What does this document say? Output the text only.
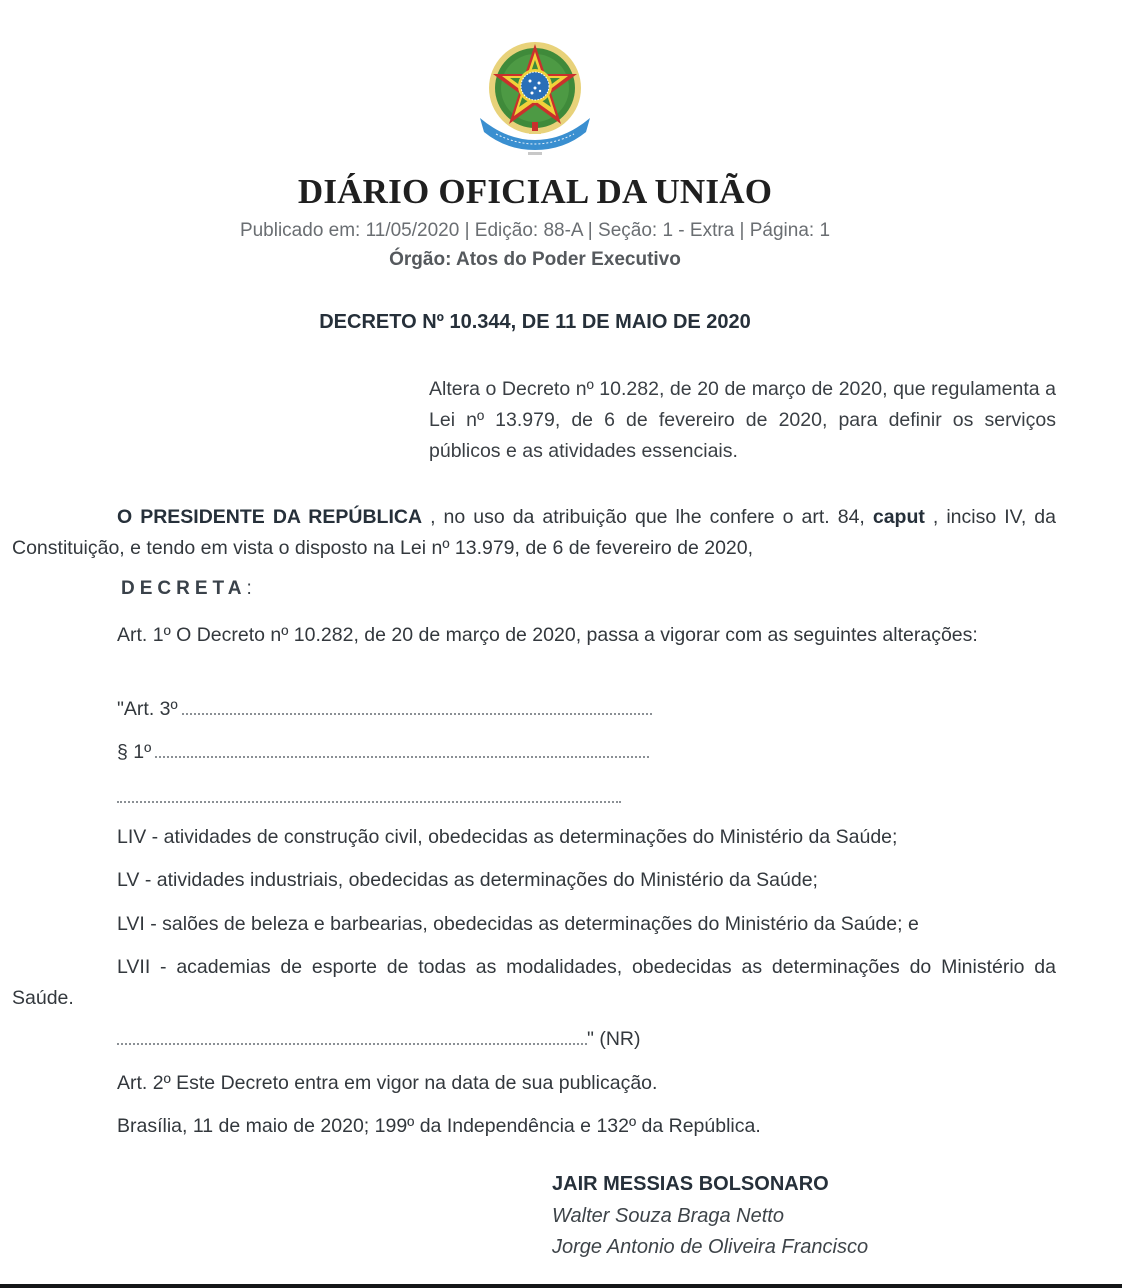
DIÁRIO OFICIAL DA UNIÃO
Publicado em: 11/05/2020 | Edição: 88-A | Seção: 1 - Extra | Página: 1
Órgão: Atos do Poder Executivo
DECRETO Nº 10.344, DE 11 DE MAIO DE 2020
Altera o Decreto nº 10.282, de 20 de março de 2020, que regulamenta a Lei nº 13.979, de 6 de fevereiro de 2020, para definir os serviços públicos e as atividades essenciais.
O PRESIDENTE DA REPÚBLICA , no uso da atribuição que lhe confere o art. 84, caput , inciso IV, da Constituição, e tendo em vista o disposto na Lei nº 13.979, de 6 de fevereiro de 2020,
DECRETA:
Art. 1º O Decreto nº 10.282, de 20 de março de 2020, passa a vigorar com as seguintes alterações:
"Art. 3º
§ 1º
LIV - atividades de construção civil, obedecidas as determinações do Ministério da Saúde;
LV - atividades industriais, obedecidas as determinações do Ministério da Saúde;
LVI - salões de beleza e barbearias, obedecidas as determinações do Ministério da Saúde; e
LVII - academias de esporte de todas as modalidades, obedecidas as determinações do Ministério da Saúde.
" (NR)
Art. 2º Este Decreto entra em vigor na data de sua publicação.
Brasília, 11 de maio de 2020; 199º da Independência e 132º da República.
JAIR MESSIAS BOLSONARO
Walter Souza Braga Netto
Jorge Antonio de Oliveira Francisco
